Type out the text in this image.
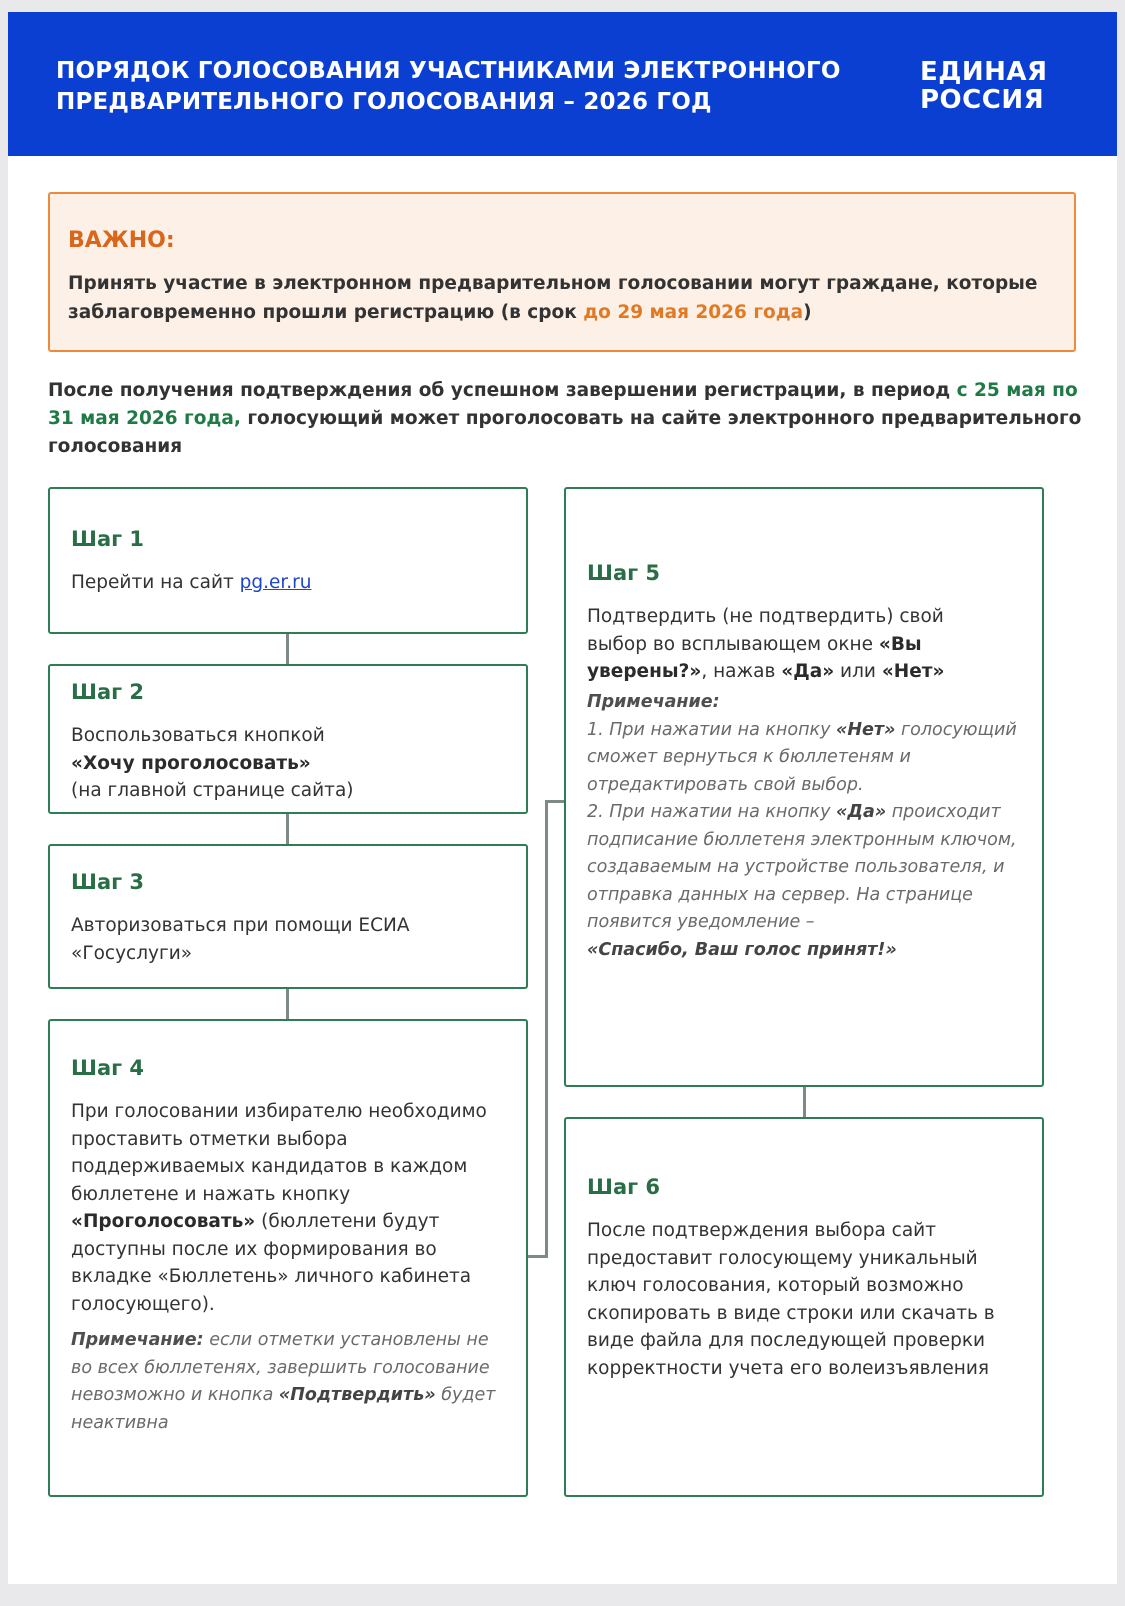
ПОРЯДОК ГОЛОСОВАНИЯ УЧАСТНИКАМИ ЭЛЕКТРОННОГО
ПРЕДВАРИТЕЛЬНОГО ГОЛОСОВАНИЯ – 2026 ГОД
ЕДИНАЯ
РОССИЯ
ВАЖНО:
Принять участие в электронном предварительном голосовании могут граждане, которые заблаговременно прошли регистрацию (в срок до 29 мая 2026 года)
После получения подтверждения об успешном завершении регистрации, в период с 25 мая по 31 мая 2026 года, голосующий может проголосовать на сайте электронного предварительного голосования
Шаг 1
Перейти на сайт pg.er.ru
Шаг 2
Воспользоваться кнопкой
«Хочу проголосовать»
(на главной странице сайта)
Шаг 3
Авторизоваться при помощи ЕСИА
«Госуслуги»
Шаг 4
При голосовании избирателю необходимо проставить отметки выбора поддерживаемых кандидатов в каждом бюллетене и нажать кнопку «Проголосовать» (бюллетени будут доступны после их формирования во вкладке «Бюллетень» личного кабинета голосующего).
Примечание: если отметки установлены не во всех бюллетенях, завершить голосование невозможно и кнопка «Подтвердить» будет неактивна
Шаг 5
Подтвердить (не подтвердить) свой выбор во всплывающем окне «Вы уверены?», нажав «Да» или «Нет»
Примечание:
1. При нажатии на кнопку «Нет» голосующий сможет вернуться к бюллетеням и отредактировать свой выбор.
2. При нажатии на кнопку «Да» происходит подписание бюллетеня электронным ключом, создаваемым на устройстве пользователя, и отправка данных на сервер. На странице появится уведомление –
«Спасибо, Ваш голос принят!»
Шаг 6
После подтверждения выбора сайт предоставит голосующему уникальный ключ голосования, который возможно скопировать в виде строки или скачать в виде файла для последующей проверки корректности учета его волеизъявления
